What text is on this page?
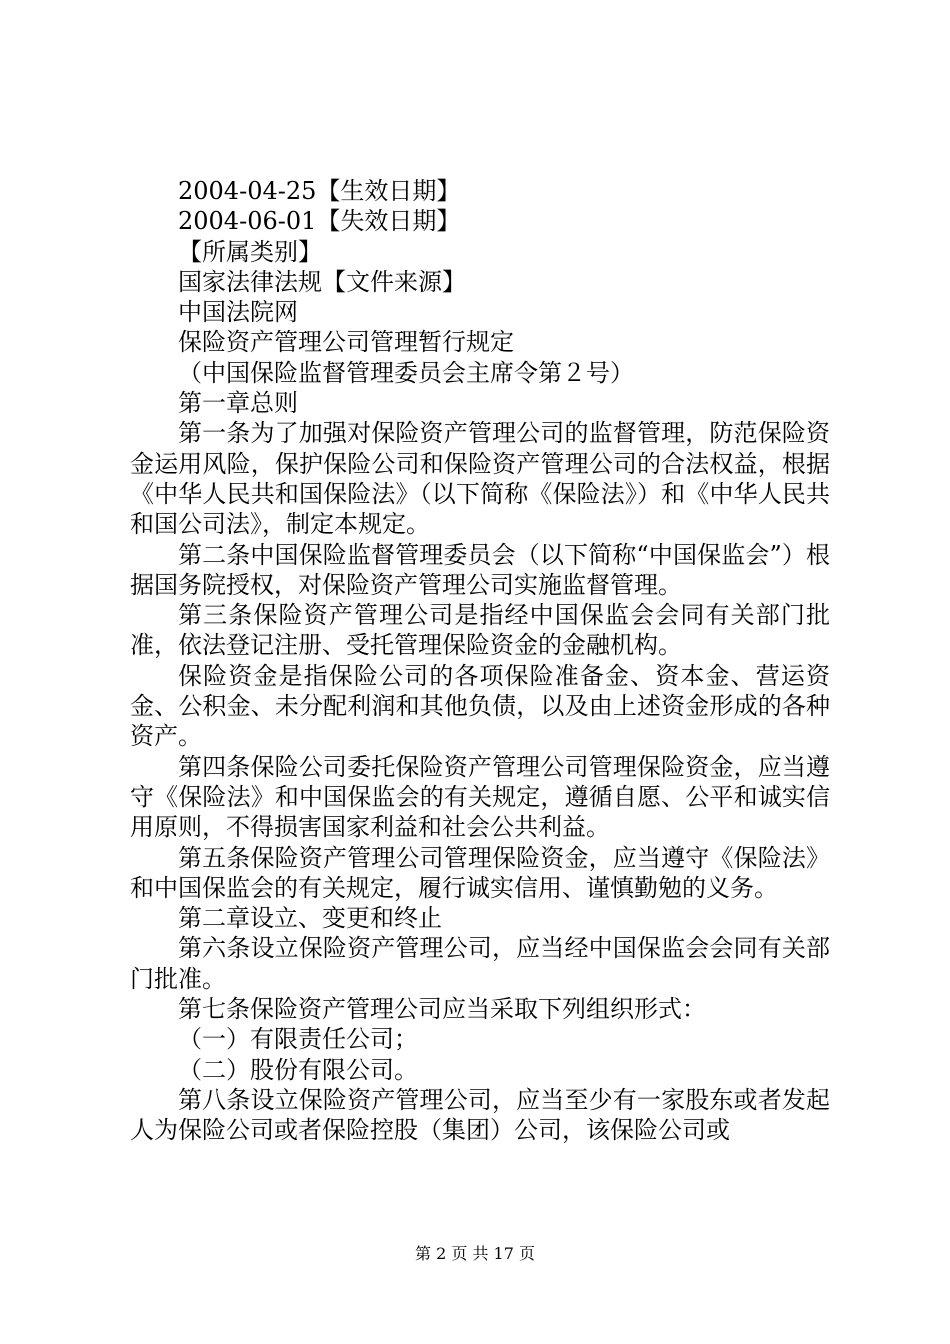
2004-04-25【生效日期】

2004-06-01【失效日期】

【所属类别】

国家法律法规【文件来源】

中国法院网

保险资产管理公司管理暂行规定

（中国保险监督管理委员会主席令第２号）

第一章总则

第一条为了加强对保险资产管理公司的监督管理，防范保险资金运用风险，保护保险公司和保险资产管理公司的合法权益，根据《中华人民共和国保险法》（以下简称《保险法》）和《中华人民共和国公司法》，制定本规定。

第二条中国保险监督管理委员会（以下简称“中国保监会”）根据国务院授权，对保险资产管理公司实施监督管理。

第三条保险资产管理公司是指经中国保监会会同有关部门批准，依法登记注册、受托管理保险资金的金融机构。

保险资金是指保险公司的各项保险准备金、资本金、营运资金、公积金、未分配利润和其他负债，以及由上述资金形成的各种资产。

第四条保险公司委托保险资产管理公司管理保险资金，应当遵守《保险法》和中国保监会的有关规定，遵循自愿、公平和诚实信用原则，不得损害国家利益和社会公共利益。

第五条保险资产管理公司管理保险资金，应当遵守《保险法》和中国保监会的有关规定，履行诚实信用、谨慎勤勉的义务。

第二章设立、变更和终止

第六条设立保险资产管理公司，应当经中国保监会会同有关部门批准。

第七条保险资产管理公司应当采取下列组织形式：

（一）有限责任公司；

（二）股份有限公司。

第八条设立保险资产管理公司，应当至少有一家股东或者发起人为保险公司或者保险控股（集团）公司，该保险公司或

第 2 页 共 17 页
